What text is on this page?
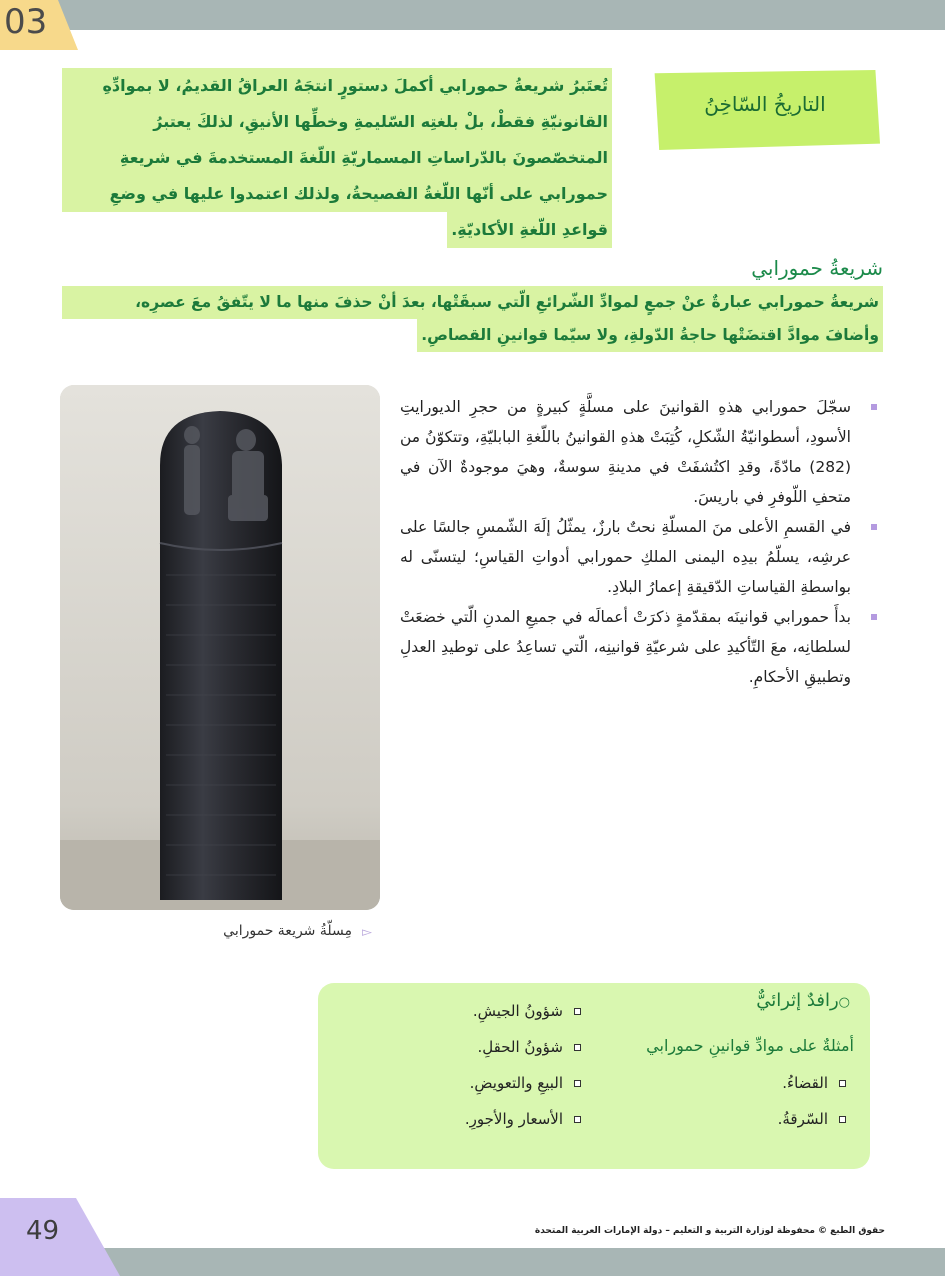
03
التاريخُ السّاخِنُ
تُعتَبرُ شريعةُ حمورابي أكملَ دستورٍ انتجَهُ العراقُ القديمُ، لا بموادِّهِ
القانونيّةِ فقطْ، بلْ بلغتِه السّليمةِ وخطِّها الأنيقِ، لذلكَ يعتبرُ
المتخصّصونَ بالدّراساتِ المسماريّةِ اللّغةَ المستخدمةَ في شريعةِ
حمورابي على أنّها اللّغةُ الفصيحةُ، ولذلك اعتمدوا عليها في وضعِ
قواعدِ اللّغةِ الأكاديّةِ.
شريعةُ حمورابي
شريعةُ حمورابي عبارةٌ عنْ جمعٍ لموادِّ الشّرائعِ الّتي سبقَتْها، بعدَ أنْ حذفَ منها ما لا يتّفقُ معَ عصرِه،
وأضافَ موادَّ اقتضَتْها حاجةُ الدّولةِ، ولا سيّما قوانينِ القصاصِ.
▻
مِسلّةُ شريعة حمورابي
سجّلَ حمورابي هذهِ القوانينَ على مسلَّةٍ كبيرةٍ من حجرِ الديورايتِ الأسودِ، أسطوانيّةُ الشّكلِ، كُتِبَتْ هذهِ القوانينُ باللّغةِ البابليّةِ، وتتكوّنُ من (282) مادّةً، وقدِ اكتُشفَتْ في مدينةِ سوسةٌ، وهيَ موجودةٌ الآن في متحفِ اللّوفرِ في باريسَ.
في القسمِ الأعلى منَ المسلّةِ نحتٌ بارزٌ، يمثّلُ إلَهَ الشّمسِ جالسًا على عرشِه، يسلّمُ بيدِه اليمنى الملكِ حمورابي أدواتِ القياسِ؛ ليتسنّى له بواسطةِ القياساتِ الدّقيقةِ إعمارُ البلادِ.
بدأَ حمورابي قوانينَه بمقدّمةٍ ذكرَتْ أعمالَه في جميعِ المدنِ الّتي خضعَتْ لسلطانِه، معَ التّأكيدِ على شرعيّةِ قوانينِه، الّتي تساعِدُ على توطيدِ العدلِ وتطبيقِ الأحكامِ.
○رافدٌ إثرائيٌّ
أمثلةٌ على موادِّ قوانينِ حمورابي
القضاءُ.
السّرقةُ.
شؤونُ الجيشِ.
شؤونُ الحقلِ.
البيعِ والتعويضِ.
الأسعار والأجورِ.
49	حقوق الطبع © محفوظة لوزارة التربية و التعليم – دولة الإمارات العربية المتحدة
